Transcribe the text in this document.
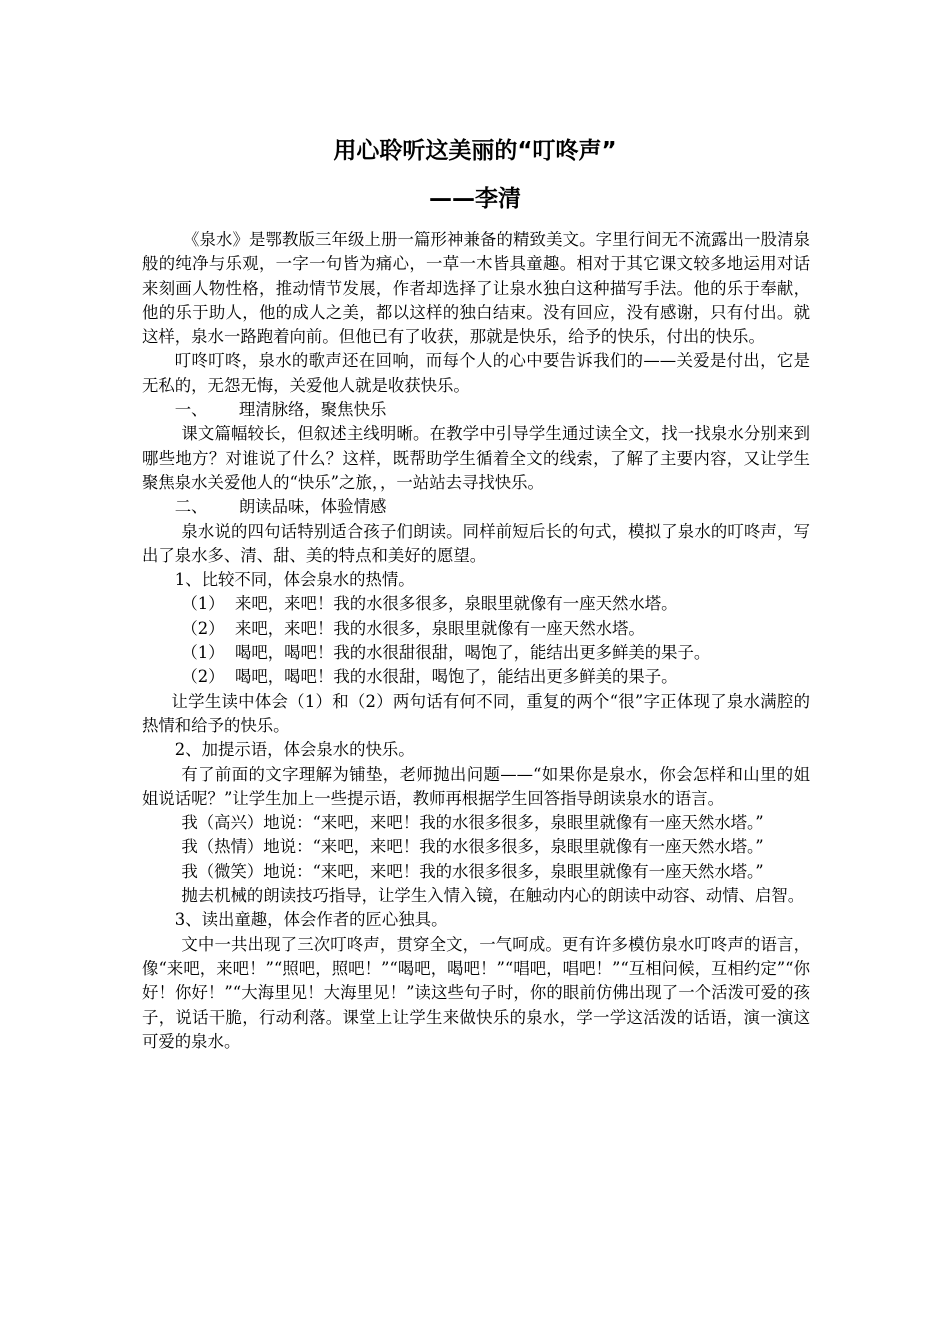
用心聆听这美丽的“叮咚声”
——李清

《泉水》是鄂教版三年级上册一篇形神兼备的精致美文。字里行间无不流露出一股清泉般的纯净与乐观，一字一句皆为痛心，一草一木皆具童趣。相对于其它课文较多地运用对话来刻画人物性格，推动情节发展，作者却选择了让泉水独白这种描写手法。他的乐于奉献，他的乐于助人，他的成人之美，都以这样的独白结束。没有回应，没有感谢，只有付出。就这样，泉水一路跑着向前。但他已有了收获，那就是快乐，给予的快乐，付出的快乐。

叮咚叮咚，泉水的歌声还在回响，而每个人的心中要告诉我们的——关爱是付出，它是无私的，无怨无悔，关爱他人就是收获快乐。

一、      理清脉络，聚焦快乐

课文篇幅较长，但叙述主线明晰。在教学中引导学生通过读全文，找一找泉水分别来到哪些地方？对谁说了什么？这样，既帮助学生循着全文的线索，了解了主要内容，又让学生聚焦泉水关爱他人的“快乐”之旅，，一站站去寻找快乐。

二、      朗读品味，体验情感

泉水说的四句话特别适合孩子们朗读。同样前短后长的句式，模拟了泉水的叮咚声，写出了泉水多、清、甜、美的特点和美好的愿望。

1、比较不同，体会泉水的热情。

（1）  来吧，来吧！我的水很多很多，泉眼里就像有一座天然水塔。

（2）  来吧，来吧！我的水很多，泉眼里就像有一座天然水塔。

（1）  喝吧，喝吧！我的水很甜很甜，喝饱了，能结出更多鲜美的果子。

（2）  喝吧，喝吧！我的水很甜，喝饱了，能结出更多鲜美的果子。

让学生读中体会（1）和（2）两句话有何不同，重复的两个“很”字正体现了泉水满腔的热情和给予的快乐。

2、加提示语，体会泉水的快乐。

有了前面的文字理解为铺垫，老师抛出问题——“如果你是泉水，你会怎样和山里的姐姐说话呢？”让学生加上一些提示语，教师再根据学生回答指导朗读泉水的语言。

我（高兴）地说：“来吧，来吧！我的水很多很多，泉眼里就像有一座天然水塔。”

我（热情）地说：“来吧，来吧！我的水很多很多，泉眼里就像有一座天然水塔。”

我（微笑）地说：“来吧，来吧！我的水很多很多，泉眼里就像有一座天然水塔。”

抛去机械的朗读技巧指导，让学生入情入镜，在触动内心的朗读中动容、动情、启智。

3、读出童趣，体会作者的匠心独具。

文中一共出现了三次叮咚声，贯穿全文，一气呵成。更有许多模仿泉水叮咚声的语言，像“来吧，来吧！”“照吧，照吧！”“喝吧，喝吧！”“唱吧，唱吧！”“互相问候，互相约定”“你好！你好！”“大海里见！大海里见！”读这些句子时，你的眼前仿佛出现了一个活泼可爱的孩子，说话干脆，行动利落。课堂上让学生来做快乐的泉水，学一学这活泼的话语，演一演这可爱的泉水。
